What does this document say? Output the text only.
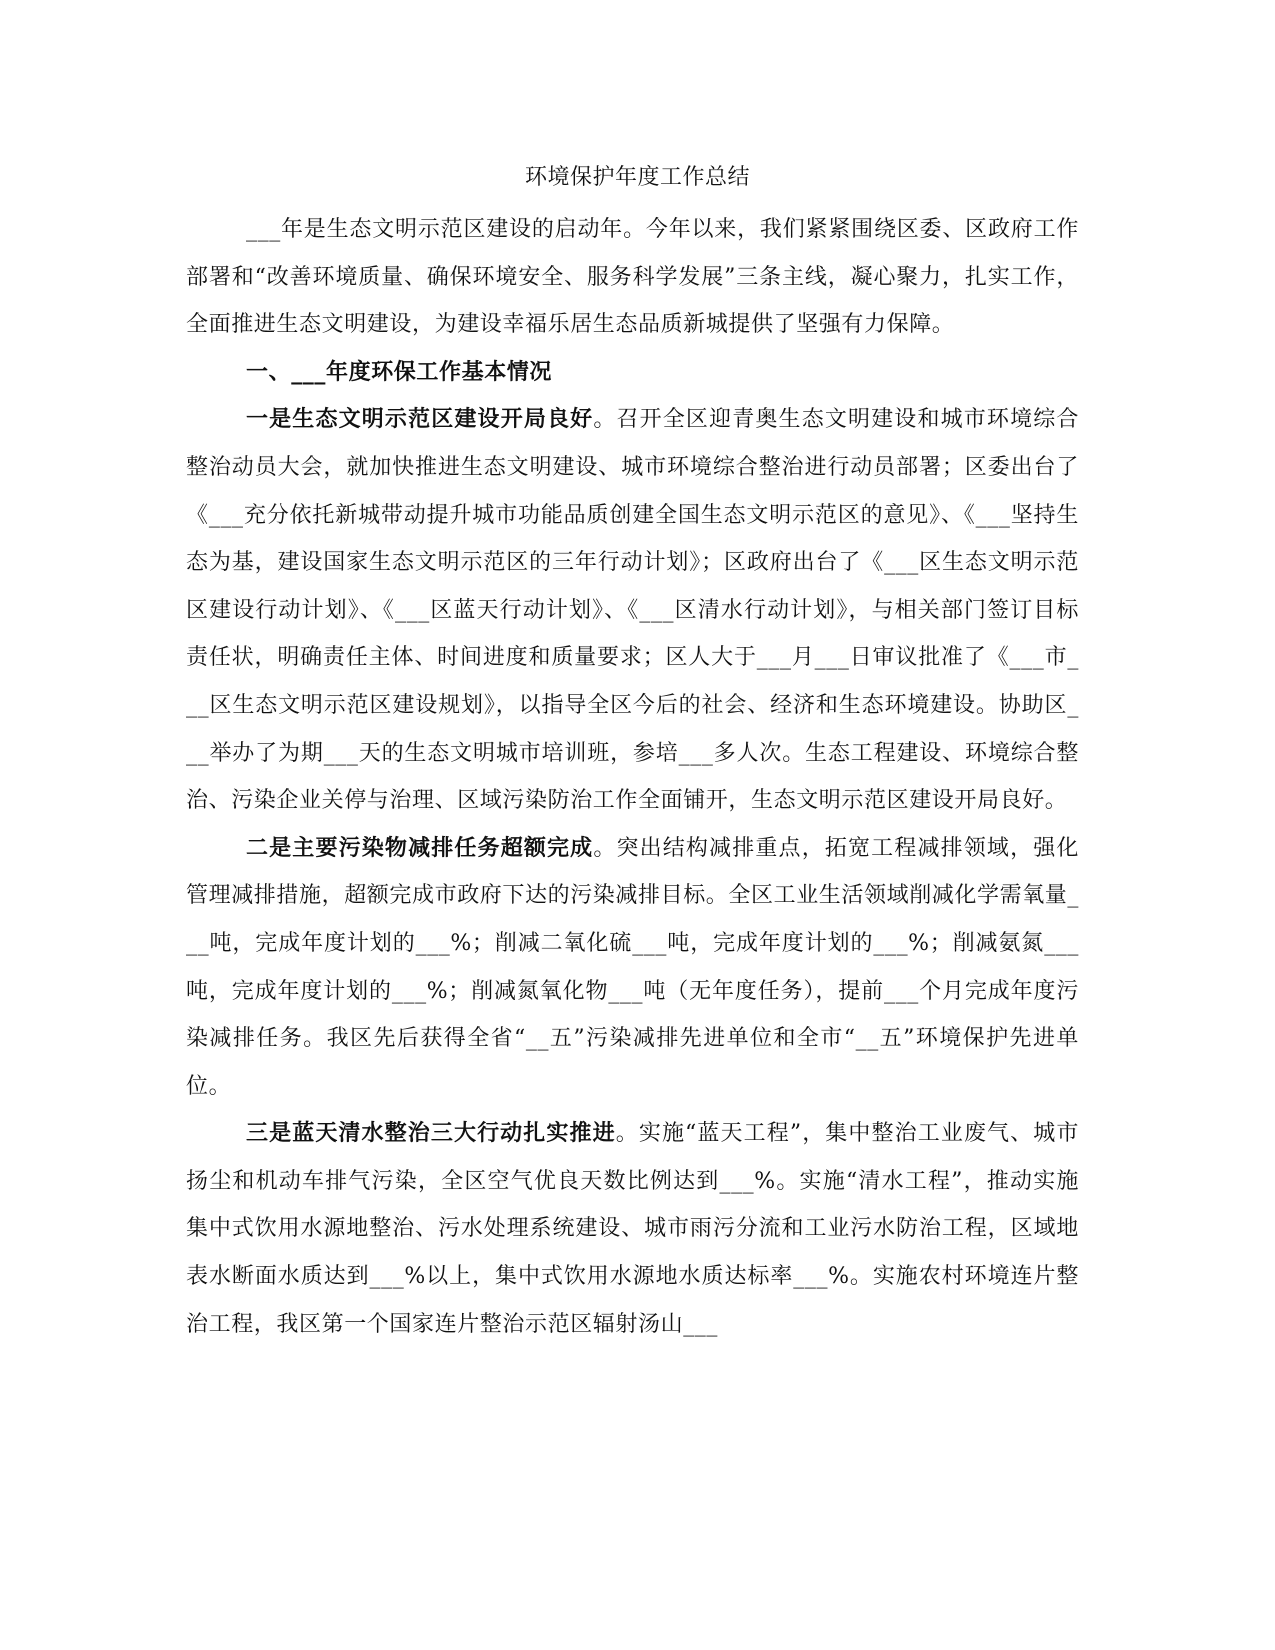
环境保护年度工作总结

___年是生态文明示范区建设的启动年。今年以来，我们紧紧围绕区委、区政府工作部署和“改善环境质量、确保环境安全、服务科学发展”三条主线，凝心聚力，扎实工作，全面推进生态文明建设，为建设幸福乐居生态品质新城提供了坚强有力保障。

一、___年度环保工作基本情况

一是生态文明示范区建设开局良好。召开全区迎青奥生态文明建设和城市环境综合整治动员大会，就加快推进生态文明建设、城市环境综合整治进行动员部署；区委出台了《___充分依托新城带动提升城市功能品质创建全国生态文明示范区的意见》、《___坚持生态为基，建设国家生态文明示范区的三年行动计划》；区政府出台了《___区生态文明示范区建设行动计划》、《___区蓝天行动计划》、《___区清水行动计划》，与相关部门签订目标责任状，明确责任主体、时间进度和质量要求；区人大于___月___日审议批准了《___市___区生态文明示范区建设规划》，以指导全区今后的社会、经济和生态环境建设。协助区___举办了为期___天的生态文明城市培训班，参培___多人次。生态工程建设、环境综合整治、污染企业关停与治理、区域污染防治工作全面铺开，生态文明示范区建设开局良好。

二是主要污染物减排任务超额完成。突出结构减排重点，拓宽工程减排领域，强化管理减排措施，超额完成市政府下达的污染减排目标。全区工业生活领域削减化学需氧量___吨，完成年度计划的___%；削减二氧化硫___吨，完成年度计划的___%；削减氨氮___吨，完成年度计划的___%；削减氮氧化物___吨（无年度任务），提前___个月完成年度污染减排任务。我区先后获得全省“__五”污染减排先进单位和全市“__五”环境保护先进单位。

三是蓝天清水整治三大行动扎实推进。实施“蓝天工程”，集中整治工业废气、城市扬尘和机动车排气污染，全区空气优良天数比例达到___%。实施“清水工程”，推动实施集中式饮用水源地整治、污水处理系统建设、城市雨污分流和工业污水防治工程，区域地表水断面水质达到___%以上，集中式饮用水源地水质达标率___%。实施农村环境连片整治工程，我区第一个国家连片整治示范区辐射汤山___
